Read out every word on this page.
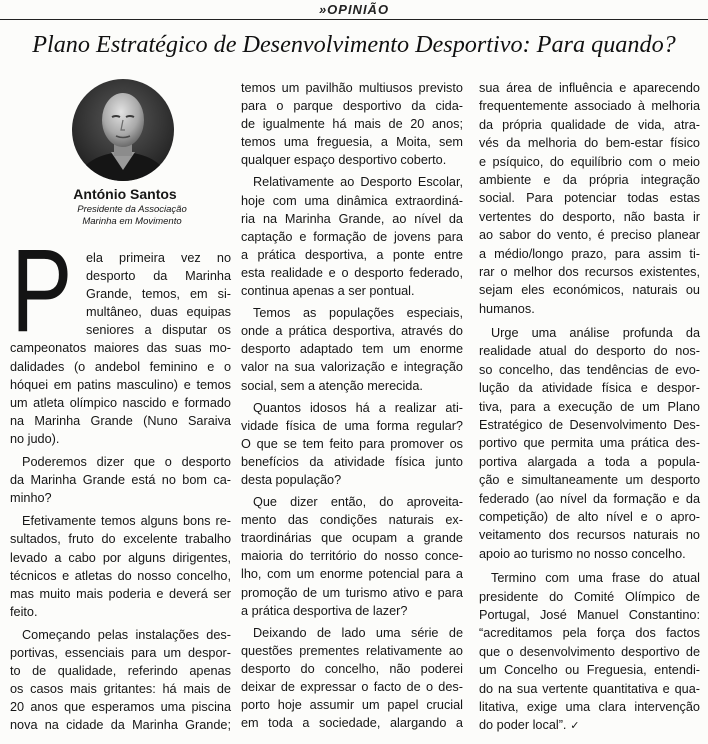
»OPINIÃO
Plano Estratégico de Desenvolvimento Desportivo: Para quando?
António Santos
Presidente da Associação
Marinha em Movimento
P ela primeira vez no
desporto da Marinha
Grande, temos, em si-
multâneo, duas equipas
seniores a disputar os
campeonatos maiores das suas mo-
dalidades (o andebol feminino e o
hóquei em patins masculino) e temos
um atleta olímpico nascido e formado
na Marinha Grande (Nuno Saraiva
no judo).
Poderemos dizer que o desporto
da Marinha Grande está no bom ca-
minho?
Efetivamente temos alguns bons re-
sultados, fruto do excelente trabalho
levado a cabo por alguns dirigentes,
técnicos e atletas do nosso concelho,
mas muito mais poderia e deverá ser
feito.
Começando pelas instalações des-
portivas, essenciais para um despor-
to de qualidade, referindo apenas
os casos mais gritantes: há mais de
20 anos que esperamos uma piscina
nova na cidade da Marinha Grande;
temos um pavilhão multiusos previsto
para o parque desportivo da cida-
de igualmente há mais de 20 anos;
temos uma freguesia, a Moita, sem
qualquer espaço desportivo coberto.
Relativamente ao Desporto Escolar,
hoje com uma dinâmica extraordiná-
ria na Marinha Grande, ao nível da
captação e formação de jovens para
a prática desportiva, a ponte entre
esta realidade e o desporto federado,
continua apenas a ser pontual.
Temos as populações especiais,
onde a prática desportiva, através do
desporto adaptado tem um enorme
valor na sua valorização e integração
social, sem a atenção merecida.
Quantos idosos há a realizar ati-
vidade física de uma forma regular?
O que se tem feito para promover os
benefícios da atividade física junto
desta população?
Que dizer então, do aproveita-
mento das condições naturais ex-
traordinárias que ocupam a grande
maioria do território do nosso conce-
lho, com um enorme potencial para a
promoção de um turismo ativo e para
a prática desportiva de lazer?
Deixando de lado uma série de
questões prementes relativamente ao
desporto do concelho, não poderei
deixar de expressar o facto de o des-
porto hoje assumir um papel crucial
em toda a sociedade, alargando a
sua área de influência e aparecendo
frequentemente associado à melhoria
da própria qualidade de vida, atra-
vés da melhoria do bem-estar físico
e psíquico, do equilíbrio com o meio
ambiente e da própria integração
social. Para potenciar todas estas
vertentes do desporto, não basta ir
ao sabor do vento, é preciso planear
a médio/longo prazo, para assim ti-
rar o melhor dos recursos existentes,
sejam eles económicos, naturais ou
humanos.
Urge uma análise profunda da
realidade atual do desporto do nos-
so concelho, das tendências de evo-
lução da atividade física e despor-
tiva, para a execução de um Plano
Estratégico de Desenvolvimento Des-
portivo que permita uma prática des-
portiva alargada a toda a popula-
ção e simultaneamente um desporto
federado (ao nível da formação e da
competição) de alto nível e o apro-
veitamento dos recursos naturais no
apoio ao turismo no nosso concelho.
Termino com uma frase do atual
presidente do Comité Olímpico de
Portugal, José Manuel Constantino:
“acreditamos pela força dos factos
que o desenvolvimento desportivo de
um Concelho ou Freguesia, entendi-
do na sua vertente quantitativa e qua-
litativa, exige uma clara intervenção
do poder local”. ✓
